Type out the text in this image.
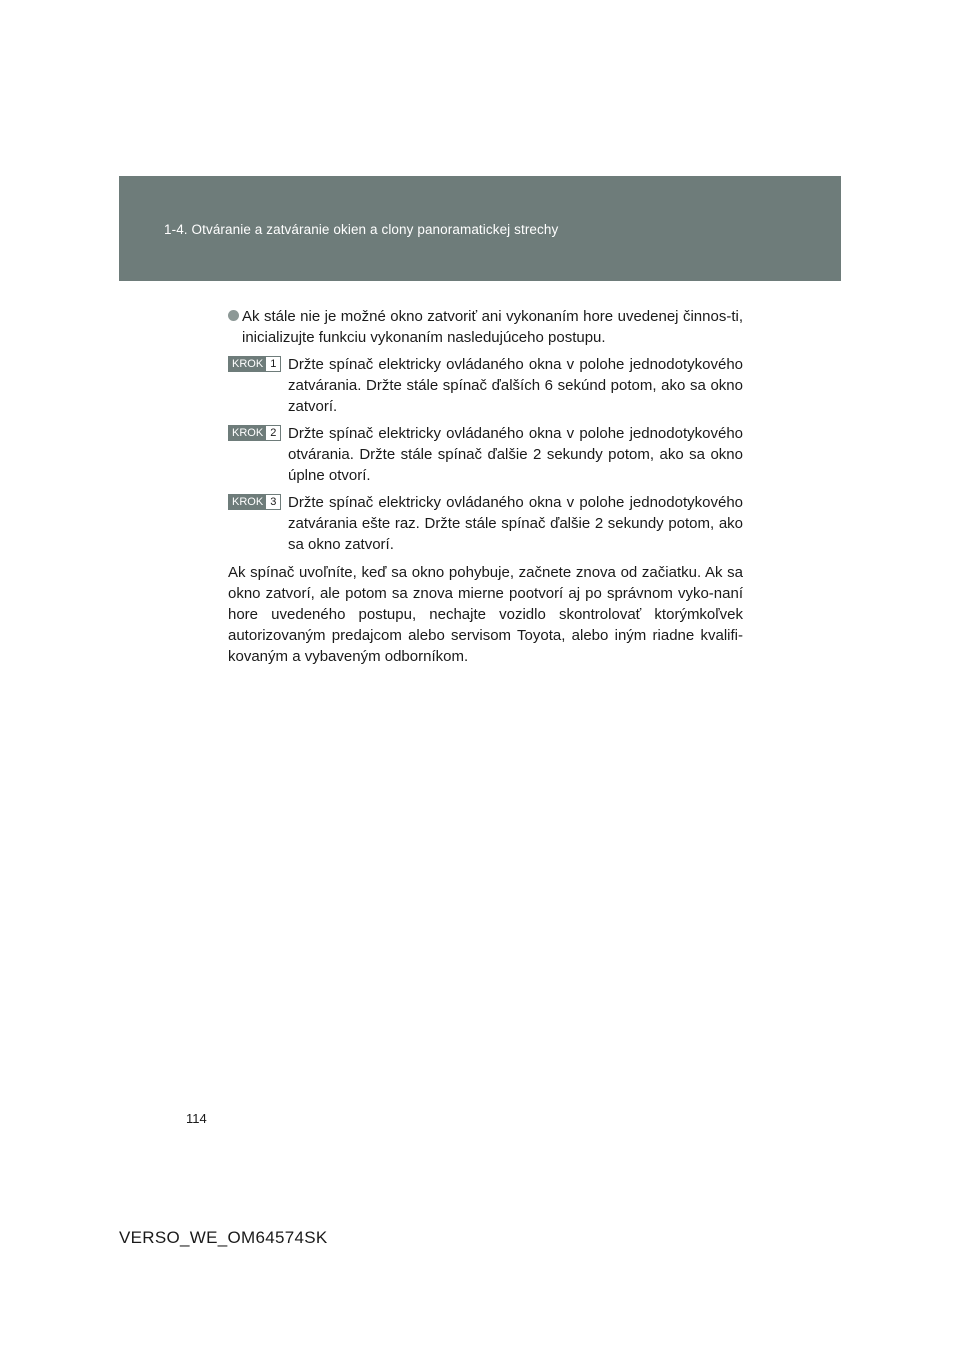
1-4. Otváranie a zatváranie okien a clony panoramatickej strechy
Ak stále nie je možné okno zatvoriť ani vykonaním hore uvedenej činnos-ti, inicializujte funkciu vykonaním nasledujúceho postupu.
KROK 1 Držte spínač elektricky ovládaného okna v polohe jednodotykového zatvárania. Držte stále spínač ďalších 6 sekúnd potom, ako sa okno zatvorí.
KROK 2 Držte spínač elektricky ovládaného okna v polohe jednodotykového otvárania. Držte stále spínač ďalšie 2 sekundy potom, ako sa okno úplne otvorí.
KROK 3 Držte spínač elektricky ovládaného okna v polohe jednodotykového zatvárania ešte raz. Držte stále spínač ďalšie 2 sekundy potom, ako sa okno zatvorí.
Ak spínač uvoľníte, keď sa okno pohybuje, začnete znova od začiatku. Ak sa okno zatvorí, ale potom sa znova mierne pootvorí aj po správnom vyko-naní hore uvedeného postupu, nechajte vozidlo skontrolovať ktorýmkoľvek autorizovaným predajcom alebo servisom Toyota, alebo iným riadne kvalifi-kovaným a vybaveným odborníkom.
114
VERSO_WE_OM64574SK
